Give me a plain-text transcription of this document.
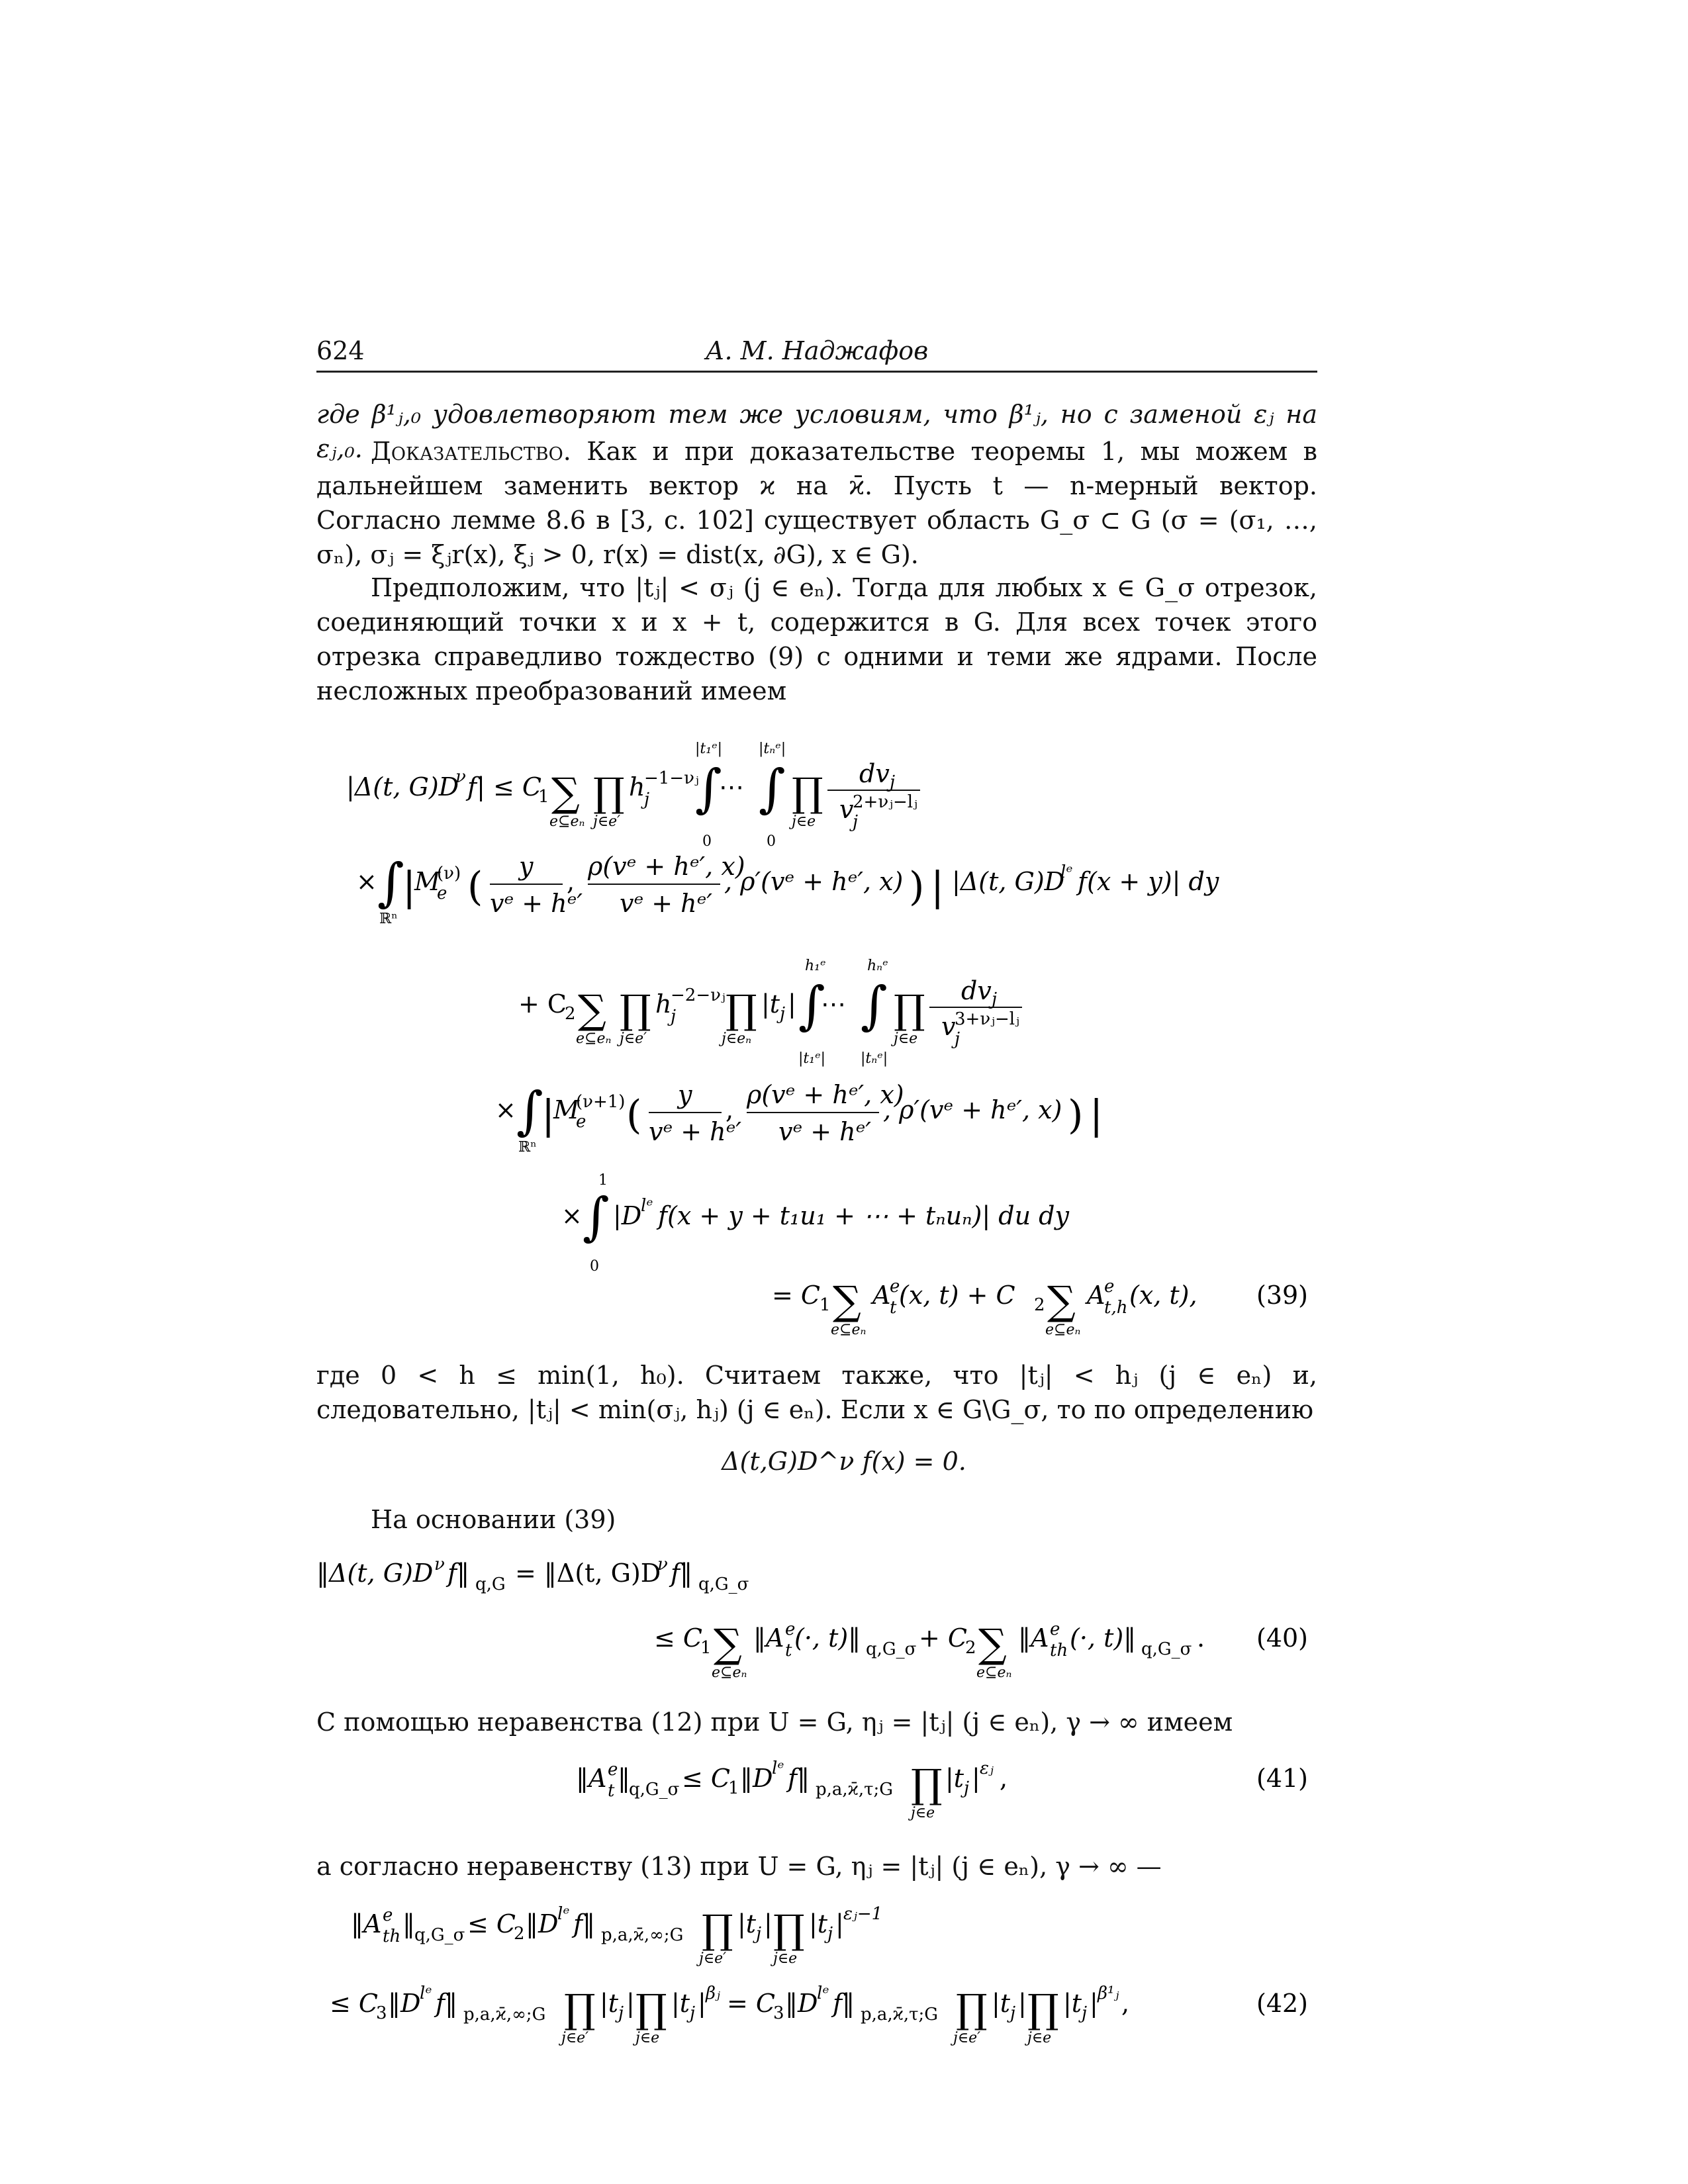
624	А. М. Наджафов
где β¹ⱼ,₀ удовлетворяют тем же условиям, что β¹ⱼ, но с заменой εⱼ на εⱼ,₀. Доказательство. Как и при доказательстве теоремы 1, мы можем в дальнейшем заменить вектор ϰ на ϰ̄. Пусть t — n-мерный вектор. Согласно лемме 8.6 в [3, с. 102] существует область G_σ ⊂ G (σ = (σ₁, …, σₙ), σⱼ = ξⱼr(x), ξⱼ > 0, r(x) = dist(x, ∂G), x ∈ G).
Предположим, что |tⱼ| < σⱼ (j ∈ eₙ). Тогда для любых x ∈ G_σ отрезок, соединяющий точки x и x + t, содержится в G. Для всех точек этого отрезка справедливо тождество (9) с одними и теми же ядрами. После несложных преобразований имеем
|Δ(t, G)D
ν f| ≤ C
1 ∑
e⊆eₙ
∏
j∈e′
h
j
−1−νⱼ
∫
|t₁ᵉ|
0
⋯ ∫
|tₙᵉ|
0
∏
j∈e
dv j
v
j
2+νⱼ−lⱼ
× ∫
ℝⁿ
|
M
e
(ν) ( y
vᵉ + hᵉ′
,
ρ(vᵉ + hᵉ′, x)
vᵉ + hᵉ′
, ρ′(vᵉ + hᵉ′, x) ) | |Δ(t, G)D
lᵉ f(x + y)| dy
+ C
2 ∑
e⊆eₙ
∏
j∈e′
h
j
−2−νⱼ ∏
j∈eₙ
|t j | ∫
h₁ᵉ
|t₁ᵉ|
⋯ ∫
hₙᵉ
|tₙᵉ|
∏
j∈e
dv j
v
j
3+νⱼ−lⱼ
× ∫
ℝⁿ
|
M
e
(ν+1) ( y
vᵉ + hᵉ′
,
ρ(vᵉ + hᵉ′, x)
vᵉ + hᵉ′
, ρ′(vᵉ + hᵉ′, x) ) |
× ∫
1
0
|D
lᵉ f(x + y + t₁u₁ + ⋯ + tₙuₙ)| du dy
= C 1 ∑
e⊆eₙ
A
t
e
(x, t) + C 2 ∑
e⊆eₙ
A
t,h
e (x, t), (39)
где 0 < h ≤ min(1, h₀). Считаем также, что |tⱼ| < hⱼ (j ∈ eₙ) и, следовательно, |tⱼ| < min(σⱼ, hⱼ) (j ∈ eₙ). Если x ∈ G\G_σ, то по определению
Δ(t,G)D^ν f(x) = 0.
На основании (39)
‖Δ(t, G)D ν f‖ q,G = ‖Δ(t, G)D
ν f‖ q,G_σ
≤ C
1 ∑
e⊆eₙ
‖A t
e
(·, t)‖ q,G_σ + C
2 ∑
e⊆eₙ
‖A th
e (·, t)‖ q,G_σ . (40)
С помощью неравенства (12) при U = G, ηⱼ = |tⱼ| (j ∈ eₙ), γ → ∞ имеем
‖A t
e ‖
q,G_σ ≤ C
1 ‖D
lᵉ f‖ p,a,ϰ̄,τ;G ∏
j∈e
|t j | εⱼ ,	(41)
а согласно неравенству (13) при U = G, ηⱼ = |tⱼ| (j ∈ eₙ), γ → ∞ —
‖A th
e ‖ q,G_σ ≤ C
2 ‖D
lᵉ f‖ p,a,ϰ̄,∞;G ∏
j∈e′
|t j | ∏
j∈e
|t j | εⱼ−1
≤ C
3 ‖D
lᵉ f‖ p,a,ϰ̄,∞;G ∏
j∈e′
|t j | ∏
j∈e
|t j | βⱼ = C
3 ‖D
lᵉ f‖ p,a,ϰ̄,τ;G ∏
j∈e′
|t j | ∏
j∈e
|t j | β¹ⱼ ,	(42)
